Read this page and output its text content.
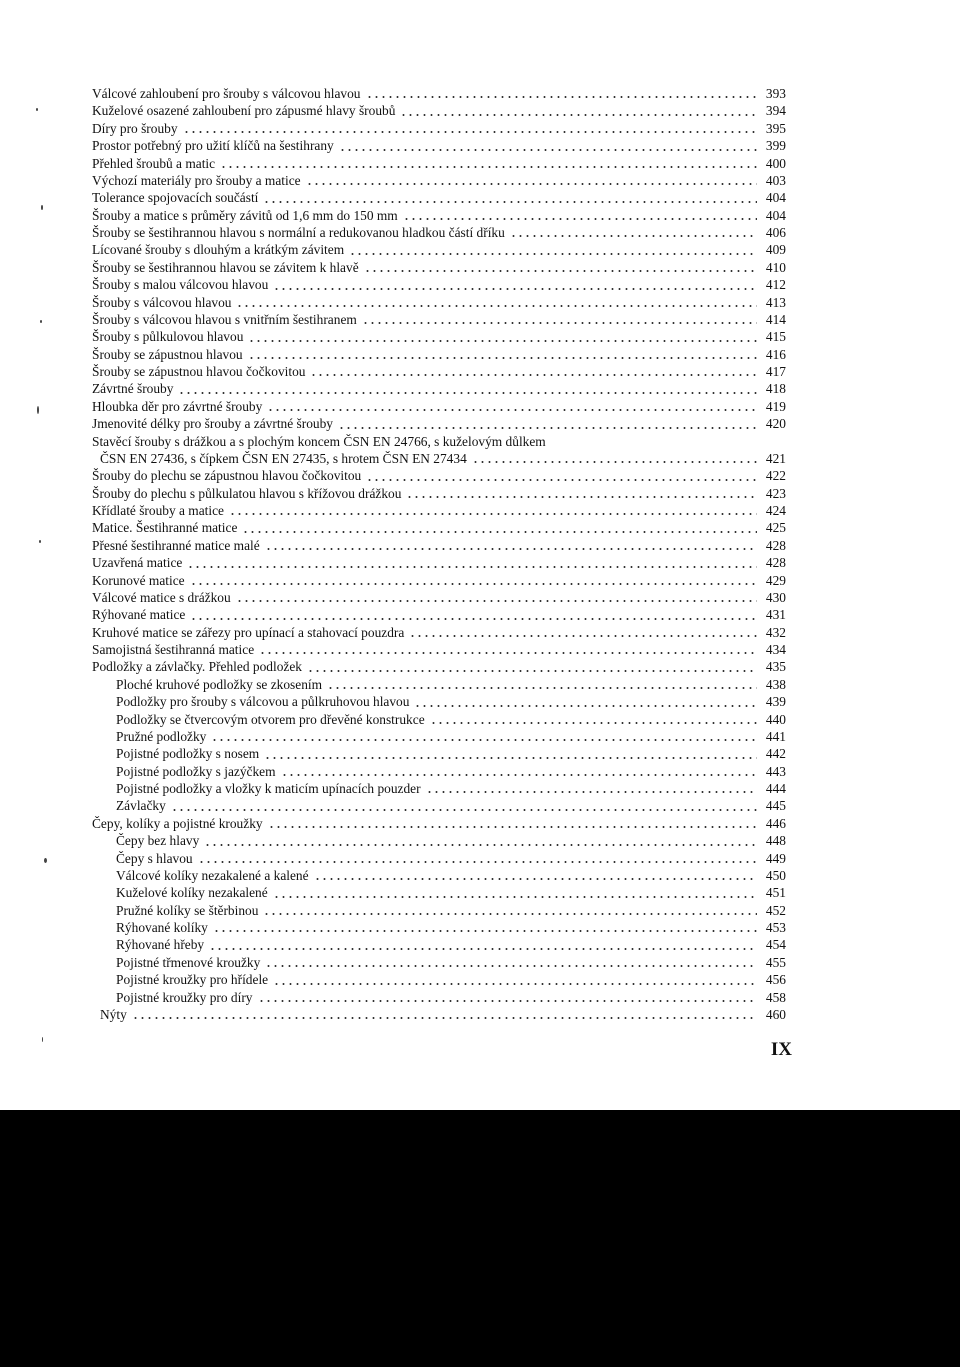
Válcové zahloubení pro šrouby s válcovou hlavou	393
Kuželové osazené zahloubení pro zápusmé hlavy šroubů	394
Díry pro šrouby	395
Prostor potřebný pro užití klíčů na šestihrany	399
Přehled šroubů a matic	400
Výchozí materiály pro šrouby a matice	403
Tolerance spojovacích součástí	404
Šrouby a matice s průměry závitů od 1,6 mm do 150 mm	404
Šrouby se šestihrannou hlavou s normální a redukovanou hladkou částí dříku	406
Lícované šrouby s dlouhým a krátkým závitem	409
Šrouby se šestihrannou hlavou se závitem k hlavě	410
Šrouby s malou válcovou hlavou	412
Šrouby s válcovou hlavou	413
Šrouby s válcovou hlavou s vnitřním šestihranem	414
Šrouby s půlkulovou hlavou	415
Šrouby se zápustnou hlavou	416
Šrouby se zápustnou hlavou čočkovitou	417
Závrtné šrouby	418
Hloubka děr pro závrtné šrouby	419
Jmenovité délky pro šrouby a závrtné šrouby	420
Stavěcí šrouby s drážkou a s plochým koncem ČSN EN 24766, s kuželovým důlkem
ČSN EN 27436, s čípkem ČSN EN 27435, s hrotem ČSN EN 27434	421
Šrouby do plechu se zápustnou hlavou čočkovitou	422
Šrouby do plechu s půlkulatou hlavou s křížovou drážkou	423
Křídlaté šrouby a matice	424
Matice. Šestihranné matice	425
Přesné šestihranné matice malé	428
Uzavřená matice	428
Korunové matice	429
Válcové matice s drážkou	430
Rýhované matice	431
Kruhové matice se zářezy pro upínací a stahovací pouzdra	432
Samojistná šestihranná matice	434
Podložky a závlačky. Přehled podložek	435
Ploché kruhové podložky se zkosením	438
Podložky pro šrouby s válcovou a půlkruhovou hlavou	439
Podložky se čtvercovým otvorem pro dřevěné konstrukce	440
Pružné podložky	441
Pojistné podložky s nosem	442
Pojistné podložky s jazýčkem	443
Pojistné podložky a vložky k maticím upínacích pouzder	444
Závlačky	445
Čepy, kolíky a pojistné kroužky	446
Čepy bez hlavy	448
Čepy s hlavou	449
Válcové kolíky nezakalené a kalené	450
Kuželové kolíky nezakalené	451
Pružné kolíky se štěrbinou	452
Rýhované kolíky	453
Rýhované hřeby	454
Pojistné třmenové kroužky	455
Pojistné kroužky pro hřídele	456
Pojistné kroužky pro díry	458
Nýty	460
IX
